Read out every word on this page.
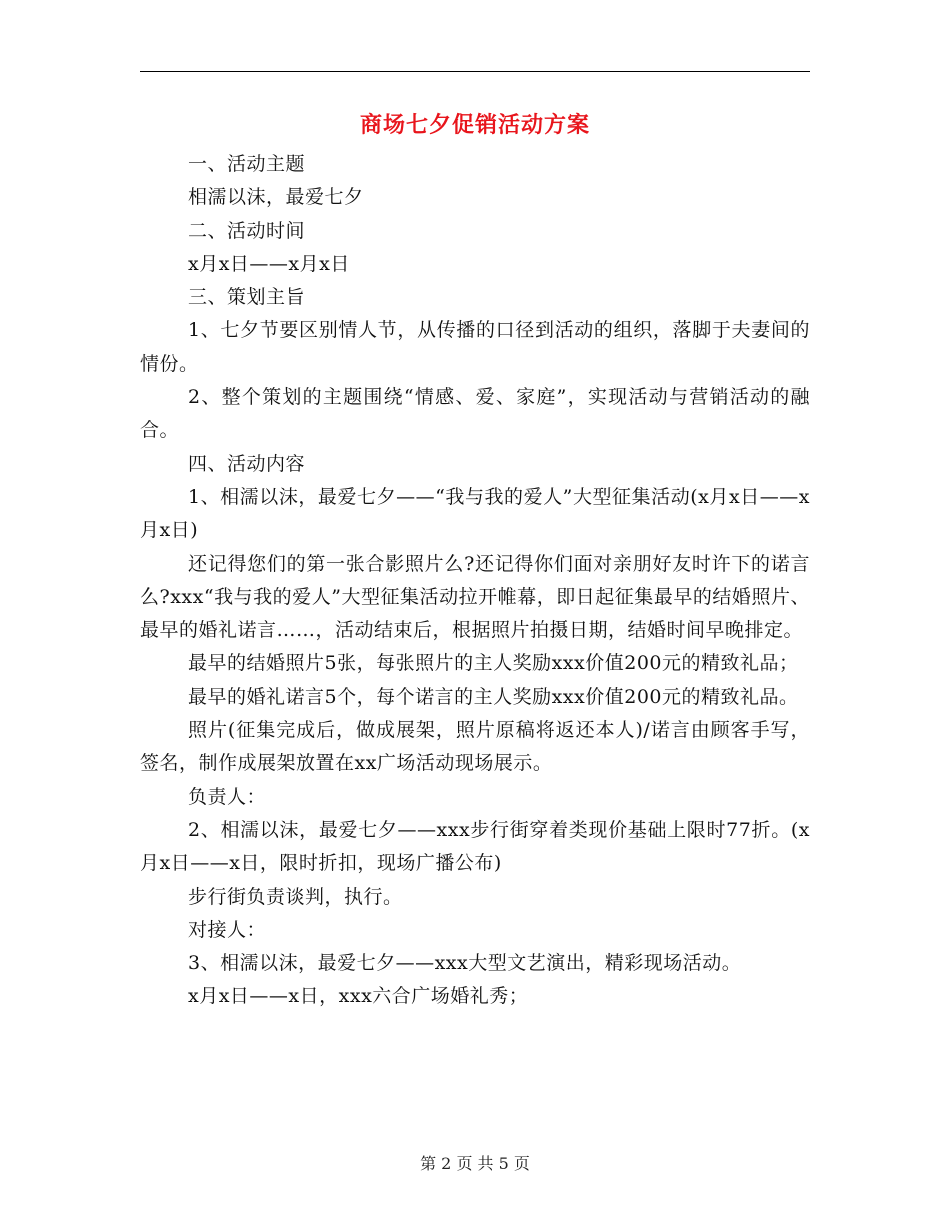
商场七夕促销活动方案

一、活动主题

相濡以沫，最爱七夕

二、活动时间

x月x日——x月x日

三、策划主旨

1、七夕节要区别情人节，从传播的口径到活动的组织，落脚于夫妻间的情份。

2、整个策划的主题围绕“情感、爱、家庭”，实现活动与营销活动的融合。

四、活动内容

1、相濡以沫，最爱七夕——“我与我的爱人”大型征集活动(x月x日——x月x日)

还记得您们的第一张合影照片么?还记得你们面对亲朋好友时许下的诺言么?xxx“我与我的爱人”大型征集活动拉开帷幕，即日起征集最早的结婚照片、最早的婚礼诺言……，活动结束后，根据照片拍摄日期，结婚时间早晚排定。

最早的结婚照片5张，每张照片的主人奖励xxx价值200元的精致礼品；

最早的婚礼诺言5个，每个诺言的主人奖励xxx价值200元的精致礼品。

照片(征集完成后，做成展架，照片原稿将返还本人)/诺言由顾客手写，签名，制作成展架放置在xx广场活动现场展示。

负责人：

2、相濡以沫，最爱七夕——xxx步行街穿着类现价基础上限时77折。(x月x日——x日，限时折扣，现场广播公布)

步行街负责谈判，执行。

对接人：

3、相濡以沫，最爱七夕——xxx大型文艺演出，精彩现场活动。

x月x日——x日，xxx六合广场婚礼秀；

第 2 页 共 5 页
